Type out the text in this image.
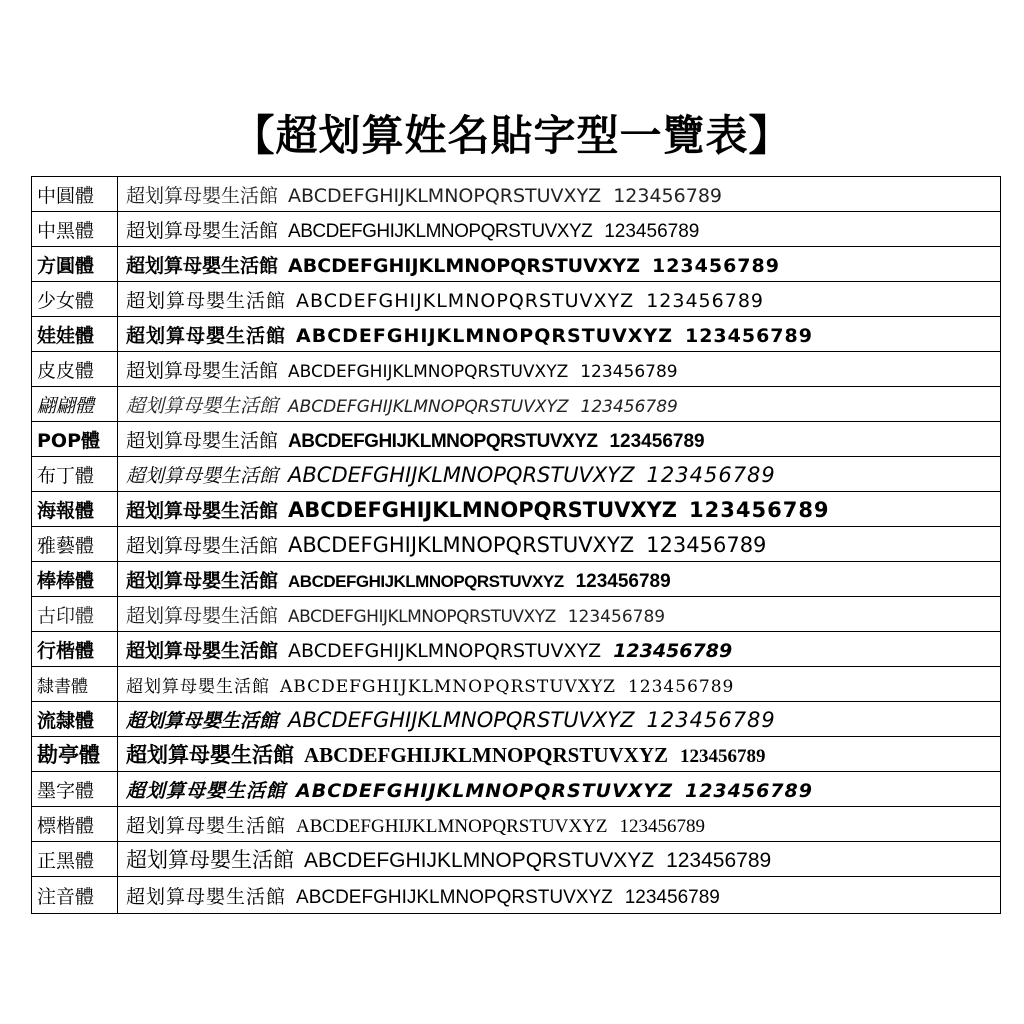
【超划算姓名貼字型一覽表】
中圓體	超划算母嬰生活館 ABCDEFGHIJKLMNOPQRSTUVXYZ 123456789
中黑體	超划算母嬰生活館 ABCDEFGHIJKLMNOPQRSTUVXYZ 123456789
方圓體	超划算母嬰生活館 ABCDEFGHIJKLMNOPQRSTUVXYZ 123456789
少女體	超划算母嬰生活館 ABCDEFGHIJKLMNOPQRSTUVXYZ 123456789
娃娃體	超划算母嬰生活館 ABCDEFGHIJKLMNOPQRSTUVXYZ 123456789
皮皮體	超划算母嬰生活館 ABCDEFGHIJKLMNOPQRSTUVXYZ 123456789
翩翩體	超划算母嬰生活館 ABCDEFGHIJKLMNOPQRSTUVXYZ 123456789
POP體	超划算母嬰生活館 ABCDEFGHIJKLMNOPQRSTUVXYZ 123456789
布丁體	超划算母嬰生活館 ABCDEFGHIJKLMNOPQRSTUVXYZ 123456789
海報體	超划算母嬰生活館 ABCDEFGHIJKLMNOPQRSTUVXYZ 123456789
雅藝體	超划算母嬰生活館 ABCDEFGHIJKLMNOPQRSTUVXYZ 123456789
棒棒體	超划算母嬰生活館 ABCDEFGHIJKLMNOPQRSTUVXYZ 123456789
古印體	超划算母嬰生活館 ABCDEFGHIJKLMNOPQRSTUVXYZ 123456789
行楷體	超划算母嬰生活館 ABCDEFGHIJKLMNOPQRSTUVXYZ 123456789
隸書體	超划算母嬰生活館 ABCDEFGHIJKLMNOPQRSTUVXYZ 123456789
流隸體	超划算母嬰生活館 ABCDEFGHIJKLMNOPQRSTUVXYZ 123456789
勘亭體	超划算母嬰生活館 ABCDEFGHIJKLMNOPQRSTUVXYZ 123456789
墨字體	超划算母嬰生活館 ABCDEFGHIJKLMNOPQRSTUVXYZ 123456789
標楷體	超划算母嬰生活館 ABCDEFGHIJKLMNOPQRSTUVXYZ 123456789
正黑體	超划算母嬰生活館 ABCDEFGHIJKLMNOPQRSTUVXYZ 123456789
注音體	超划算母嬰生活館 ABCDEFGHIJKLMNOPQRSTUVXYZ 123456789
